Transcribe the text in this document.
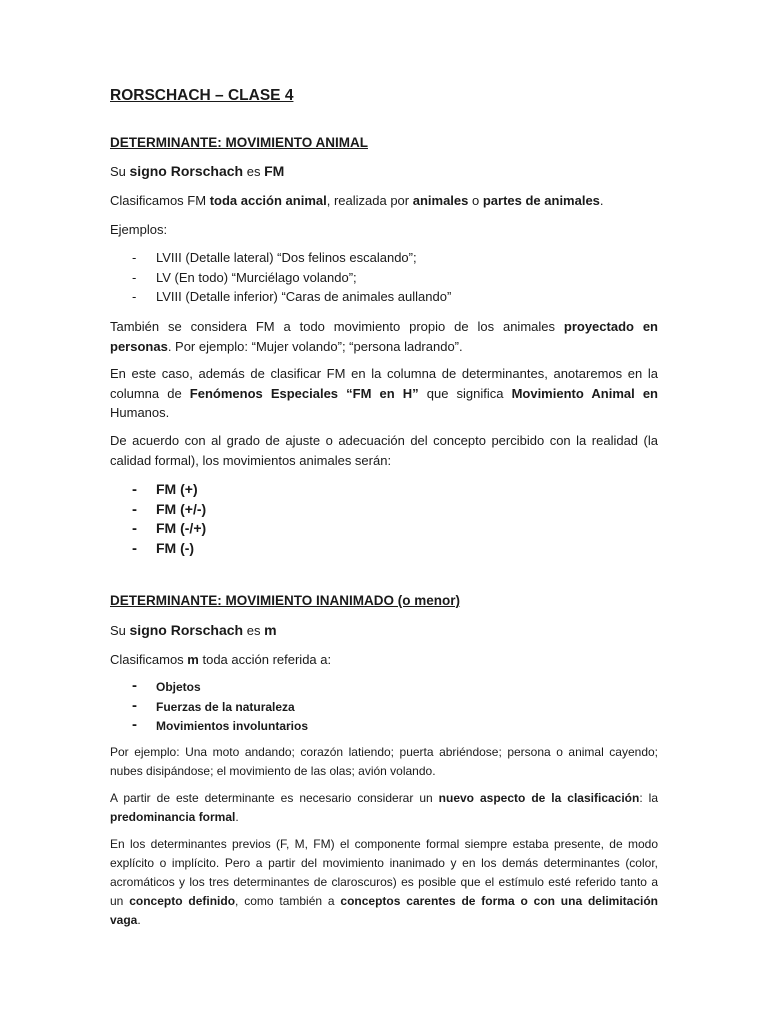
RORSCHACH – CLASE 4
DETERMINANTE: MOVIMIENTO ANIMAL
Su signo Rorschach es FM
Clasificamos FM toda acción animal, realizada por animales o partes de animales.
Ejemplos:
- LVIII (Detalle lateral) “Dos felinos escalando”;
- LV (En todo) “Murciélago volando”;
- LVIII (Detalle inferior) “Caras de animales aullando”
También se considera FM a todo movimiento propio de los animales proyectado en personas. Por ejemplo: “Mujer volando”; “persona ladrando”.
En este caso, además de clasificar FM en la columna de determinantes, anotaremos en la columna de Fenómenos Especiales “FM en H” que significa Movimiento Animal en Humanos.
De acuerdo con al grado de ajuste o adecuación del concepto percibido con la realidad (la calidad formal), los movimientos animales serán:
- FM (+)
- FM (+/-)
- FM (-/+)
- FM (-)
DETERMINANTE: MOVIMIENTO INANIMADO (o menor)
Su signo Rorschach es m
Clasificamos m toda acción referida a:
- Objetos
- Fuerzas de la naturaleza
- Movimientos involuntarios
Por ejemplo: Una moto andando; corazón latiendo; puerta abriéndose; persona o animal cayendo; nubes disipándose; el movimiento de las olas; avión volando.
A partir de este determinante es necesario considerar un nuevo aspecto de la clasificación: la predominancia formal.
En los determinantes previos (F, M, FM) el componente formal siempre estaba presente, de modo explícito o implícito. Pero a partir del movimiento inanimado y en los demás determinantes (color, acromáticos y los tres determinantes de claroscuros) es posible que el estímulo esté referido tanto a un concepto definido, como también a conceptos carentes de forma o con una delimitación vaga.
